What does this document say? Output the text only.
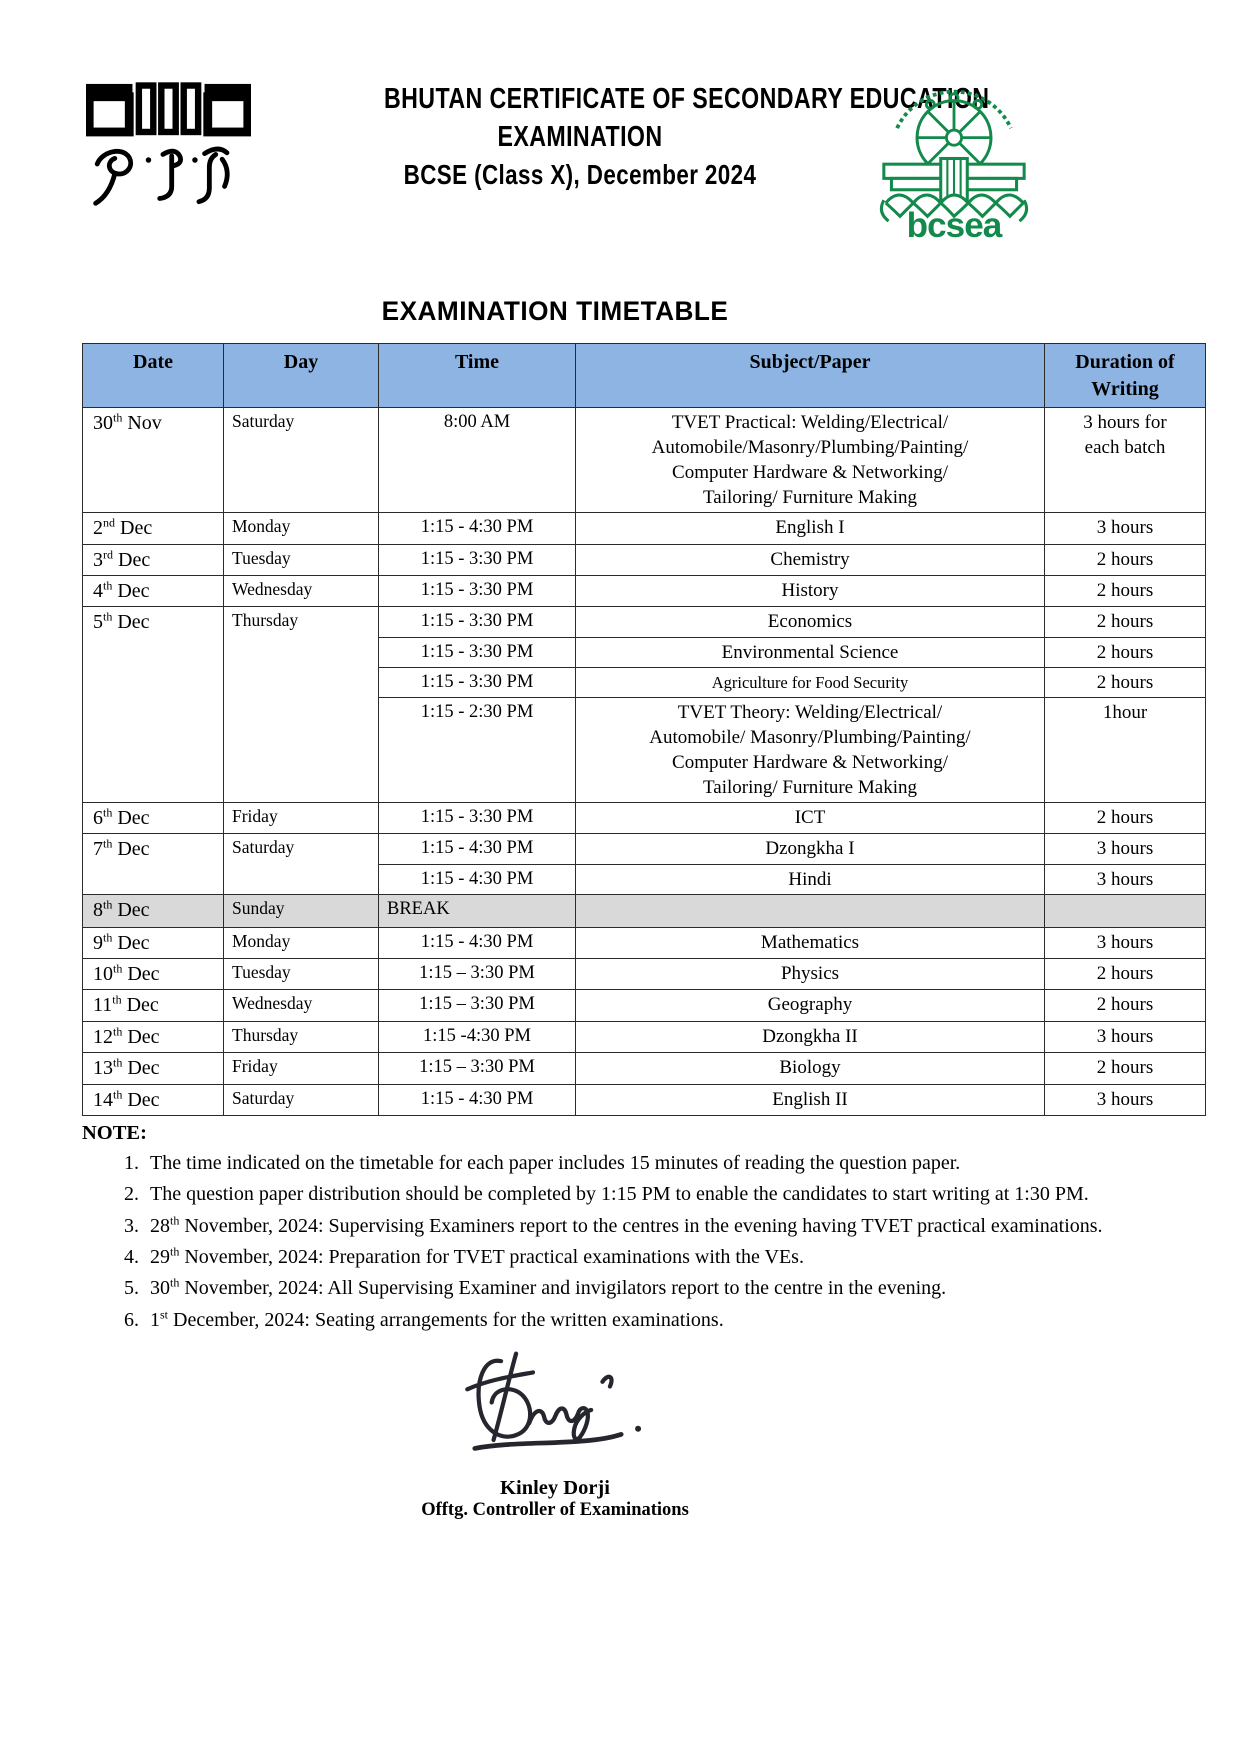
BHUTAN CERTIFICATE OF SECONDARY EDUCATION
EXAMINATION
BCSE (Class X), December 2024
bcsea
EXAMINATION TIMETABLE
Date	Day	Time	Subject/Paper	Duration of Writing
30th Nov	Saturday	8:00 AM	TVET Practical: Welding/Electrical/
Automobile/Masonry/Plumbing/Painting/
Computer Hardware & Networking/
Tailoring/ Furniture Making	3 hours for
each batch
2nd Dec	Monday	1:15 - 4:30 PM	English I	3 hours
3rd Dec	Tuesday	1:15 - 3:30 PM	Chemistry	2 hours
4th Dec	Wednesday	1:15 - 3:30 PM	History	2 hours
5th Dec	Thursday	1:15 - 3:30 PM	Economics	2 hours
		1:15 - 3:30 PM	Environmental Science	2 hours
		1:15 - 3:30 PM	Agriculture for Food Security	2 hours
		1:15 - 2:30 PM	TVET Theory: Welding/Electrical/
Automobile/ Masonry/Plumbing/Painting/
Computer Hardware & Networking/
Tailoring/ Furniture Making	1hour
6th Dec	Friday	1:15 - 3:30 PM	ICT	2 hours
7th Dec	Saturday	1:15 - 4:30 PM	Dzongkha I	3 hours
		1:15 - 4:30 PM	Hindi	3 hours
8th Dec	Sunday	BREAK		
9th Dec	Monday	1:15 - 4:30 PM	Mathematics	3 hours
10th Dec	Tuesday	1:15 – 3:30 PM	Physics	2 hours
11th Dec	Wednesday	1:15 – 3:30 PM	Geography	2 hours
12th Dec	Thursday	1:15 -4:30 PM	Dzongkha II	3 hours
13th Dec	Friday	1:15 – 3:30 PM	Biology	2 hours
14th Dec	Saturday	1:15 - 4:30 PM	English II	3 hours
NOTE:
1. The time indicated on the timetable for each paper includes 15 minutes of reading the question paper.
2. The question paper distribution should be completed by 1:15 PM to enable the candidates to start writing at 1:30 PM.
3. 28th November, 2024: Supervising Examiners report to the centres in the evening having TVET practical examinations.
4. 29th November, 2024: Preparation for TVET practical examinations with the VEs.
5. 30th November, 2024: All Supervising Examiner and invigilators report to the centre in the evening.
6. 1st December, 2024: Seating arrangements for the written examinations.
Kinley Dorji
Offtg. Controller of Examinations
